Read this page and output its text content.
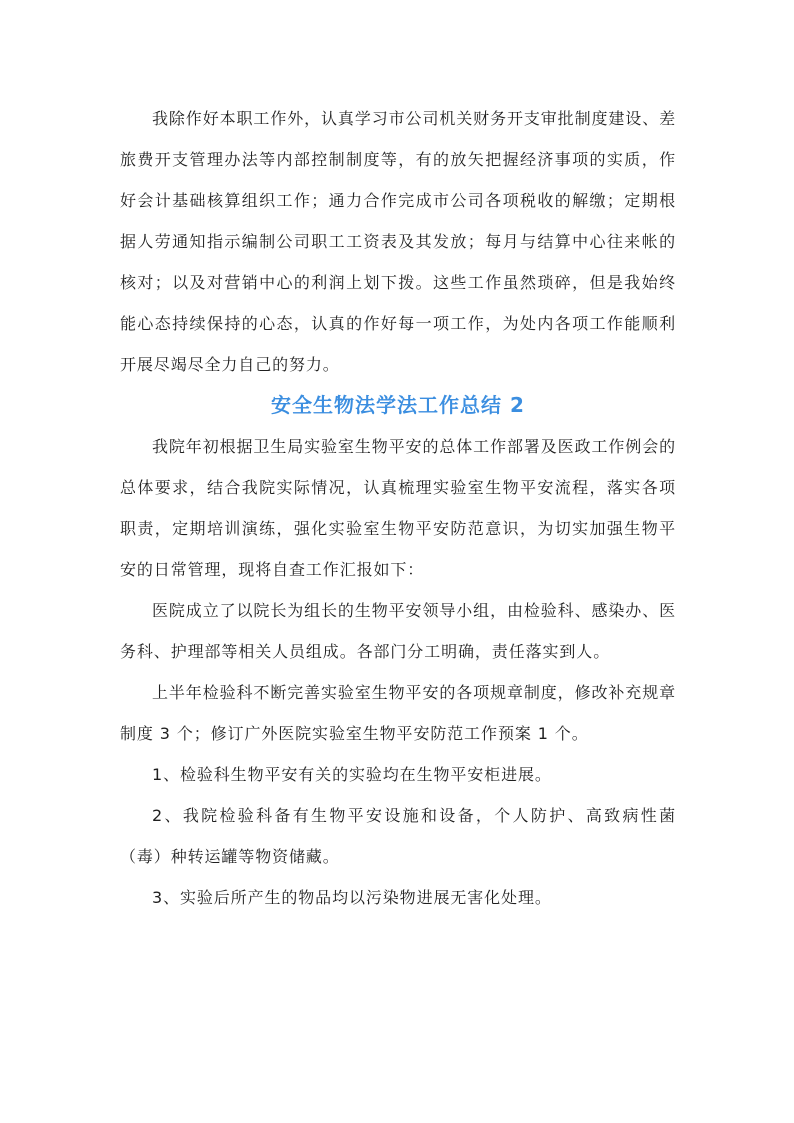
我除作好本职工作外，认真学习市公司机关财务开支审批制度建设、差旅费开支管理办法等内部控制制度等，有的放矢把握经济事项的实质，作好会计基础核算组织工作；通力合作完成市公司各项税收的解缴；定期根据人劳通知指示编制公司职工工资表及其发放；每月与结算中心往来帐的核对；以及对营销中心的利润上划下拨。这些工作虽然琐碎，但是我始终能心态持续保持的心态，认真的作好每一项工作，为处内各项工作能顺利开展尽竭尽全力自己的努力。

安全生物法学法工作总结 2

我院年初根据卫生局实验室生物平安的总体工作部署及医政工作例会的总体要求，结合我院实际情况，认真梳理实验室生物平安流程，落实各项职责，定期培训演练，强化实验室生物平安防范意识，为切实加强生物平安的日常管理，现将自查工作汇报如下：

医院成立了以院长为组长的生物平安领导小组，由检验科、感染办、医务科、护理部等相关人员组成。各部门分工明确，责任落实到人。

上半年检验科不断完善实验室生物平安的各项规章制度，修改补充规章制度 3 个；修订广外医院实验室生物平安防范工作预案 1 个。

1、检验科生物平安有关的实验均在生物平安柜进展。

2、我院检验科备有生物平安设施和设备，个人防护、高致病性菌（毒）种转运罐等物资储藏。

3、实验后所产生的物品均以污染物进展无害化处理。
